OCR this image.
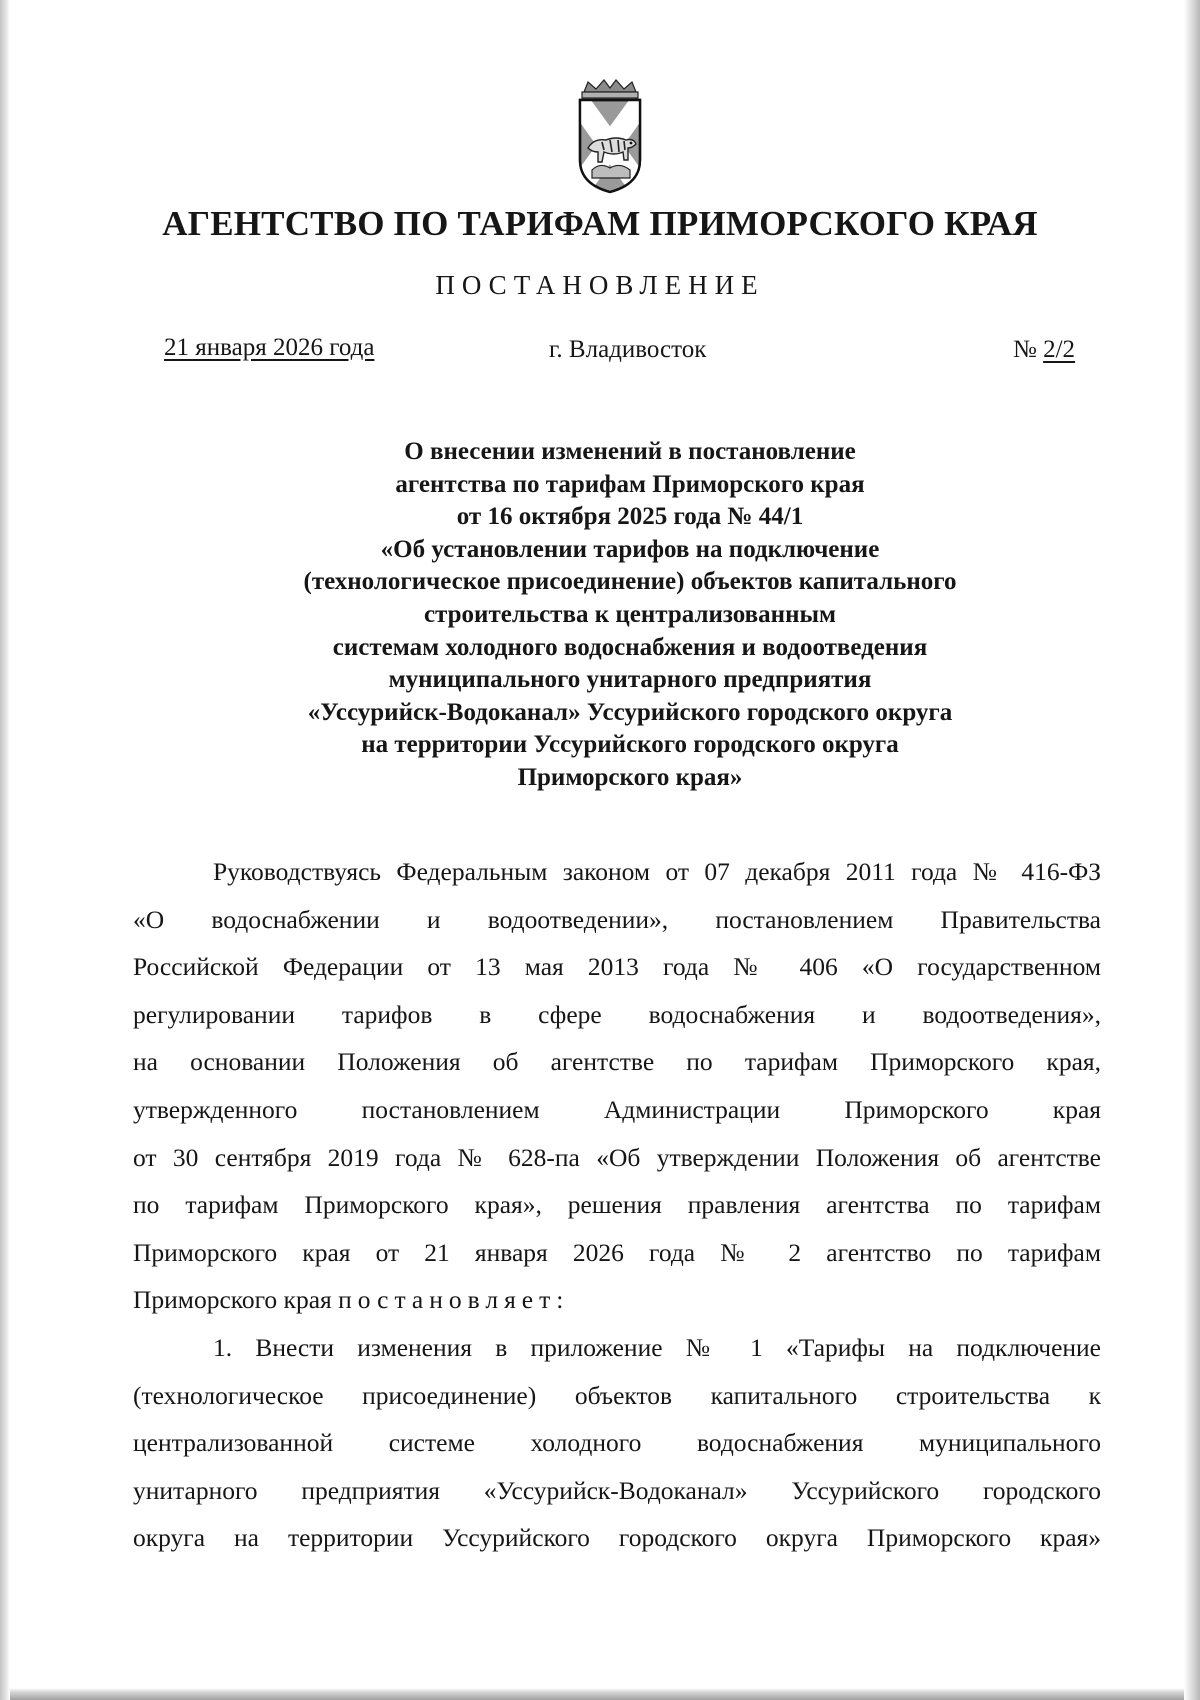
АГЕНТСТВО ПО ТАРИФАМ ПРИМОРСКОГО КРАЯ
ПОСТАНОВЛЕНИЕ
21 января 2026 года	г. Владивосток	№ 2/2
О внесении изменений в постановление
агентства по тарифам Приморского края
от 16 октября 2025 года № 44/1
«Об установлении тарифов на подключение
(технологическое присоединение) объектов капитального
строительства к централизованным
системам холодного водоснабжения и водоотведения
муниципального унитарного предприятия
«Уссурийск-Водоканал» Уссурийского городского округа
на территории Уссурийского городского округа
Приморского края»
Руководствуясь Федеральным законом от 07 декабря 2011 года № 416-ФЗ
«О водоснабжении и водоотведении», постановлением Правительства
Российской Федерации от 13 мая 2013 года № 406 «О государственном
регулировании тарифов в сфере водоснабжения и водоотведения»,
на основании Положения об агентстве по тарифам Приморского края,
утвержденного постановлением Администрации Приморского края
от 30 сентября 2019 года № 628-па «Об утверждении Положения об агентстве
по тарифам Приморского края», решения правления агентства по тарифам
Приморского края от 21 января 2026 года № 2 агентство по тарифам
Приморского края постановляет:
1. Внести изменения в приложение № 1 «Тарифы на подключение
(технологическое присоединение) объектов капитального строительства к
централизованной системе холодного водоснабжения муниципального
унитарного предприятия «Уссурийск-Водоканал» Уссурийского городского
округа на территории Уссурийского городского округа Приморского края»
